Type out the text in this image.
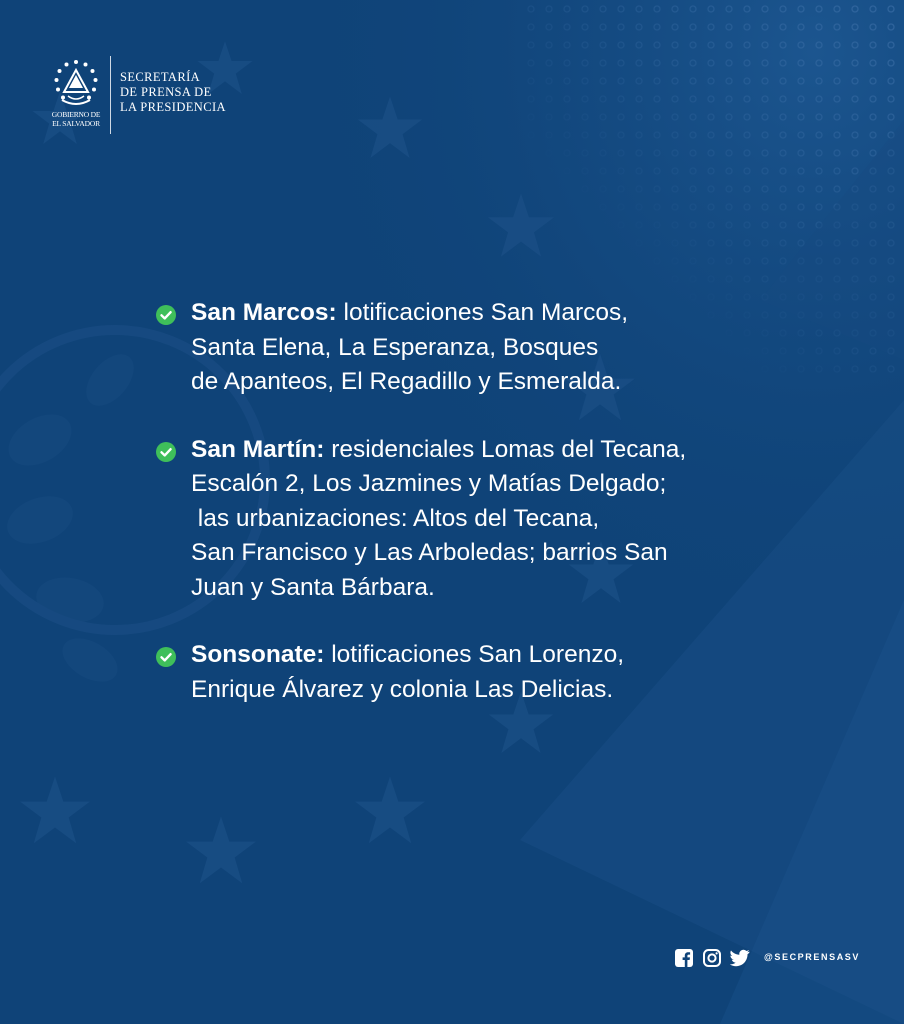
GOBIERNO DE
EL SALVADOR
SECRETARÍA
DE PRENSA DE
LA PRESIDENCIA
San Marcos: lotificaciones San Marcos,
Santa Elena, La Esperanza, Bosques
de Apanteos, El Regadillo y Esmeralda.
San Martín: residenciales Lomas del Tecana,
Escalón 2, Los Jazmines y Matías Delgado;
las urbanizaciones: Altos del Tecana,
San Francisco y Las Arboledas; barrios San
Juan y Santa Bárbara.
Sonsonate: lotificaciones San Lorenzo,
Enrique Álvarez y colonia Las Delicias.
@SECPRENSASV
